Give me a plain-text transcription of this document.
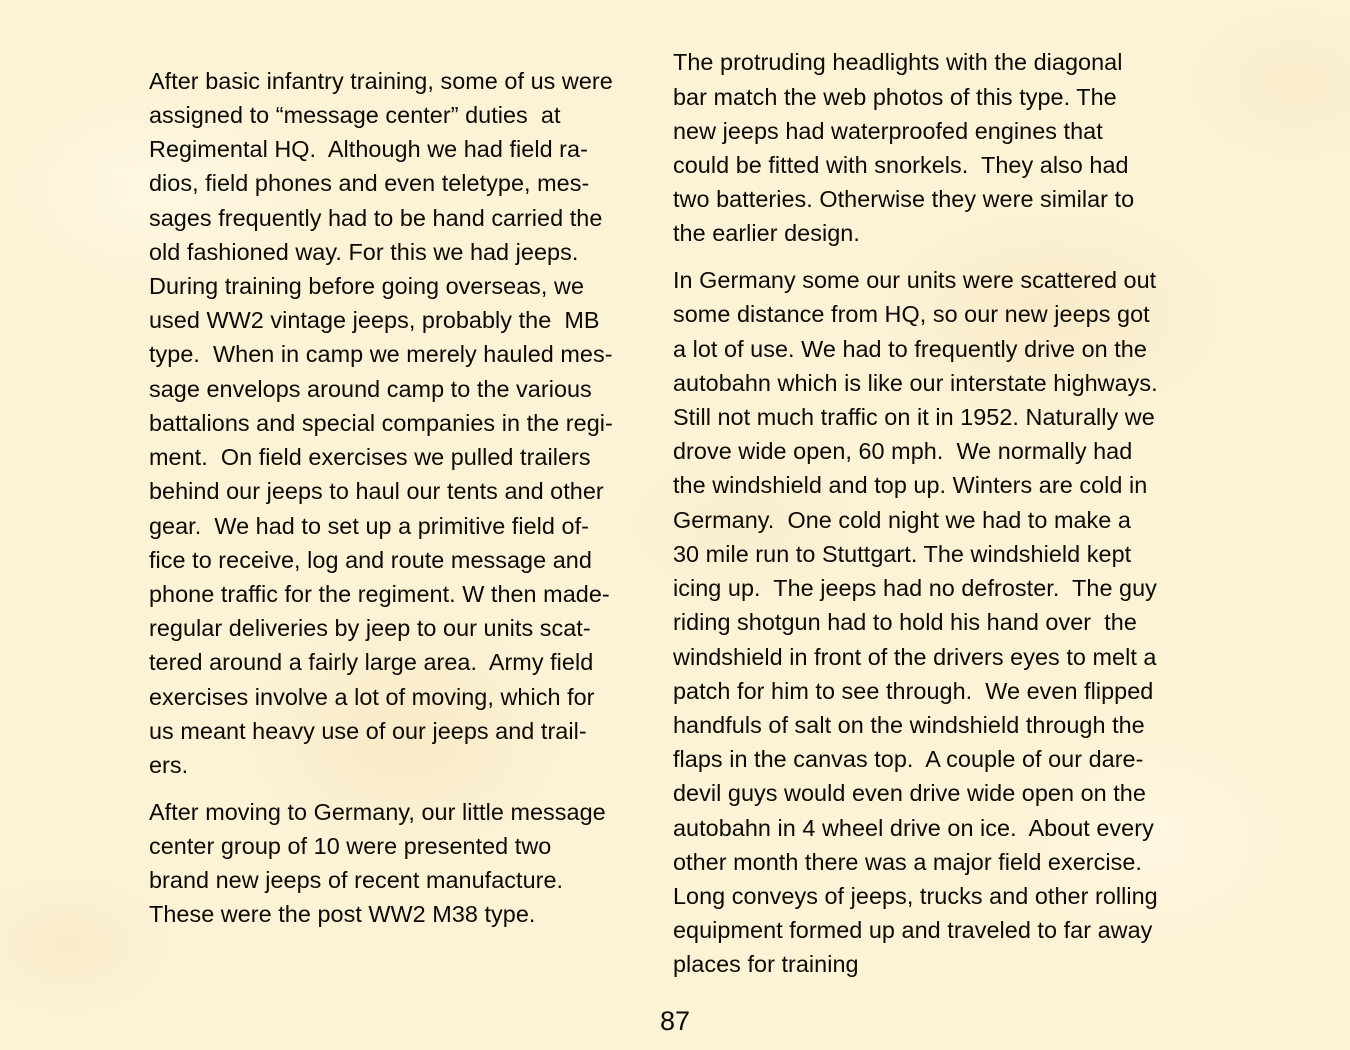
After basic infantry training, some of us were
assigned to “message center” duties  at
Regimental HQ.  Although we had field ra-
dios, field phones and even teletype, mes-
sages frequently had to be hand carried the
old fashioned way. For this we had jeeps.
During training before going overseas, we
used WW2 vintage jeeps, probably the  MB
type.  When in camp we merely hauled mes-
sage envelops around camp to the various
battalions and special companies in the regi-
ment.  On field exercises we pulled trailers
behind our jeeps to haul our tents and other
gear.  We had to set up a primitive field of-
fice to receive, log and route message and
phone traffic for the regiment. W then made-
regular deliveries by jeep to our units scat-
tered around a fairly large area.  Army field
exercises involve a lot of moving, which for
us meant heavy use of our jeeps and trail-
ers.
After moving to Germany, our little message
center group of 10 were presented two
brand new jeeps of recent manufacture.
These were the post WW2 M38 type.
The protruding headlights with the diagonal
bar match the web photos of this type. The
new jeeps had waterproofed engines that
could be fitted with snorkels.  They also had
two batteries. Otherwise they were similar to
the earlier design.
In Germany some our units were scattered out
some distance from HQ, so our new jeeps got
a lot of use. We had to frequently drive on the
autobahn which is like our interstate highways.
Still not much traffic on it in 1952. Naturally we
drove wide open, 60 mph.  We normally had
the windshield and top up. Winters are cold in
Germany.  One cold night we had to make a
30 mile run to Stuttgart. The windshield kept
icing up.  The jeeps had no defroster.  The guy
riding shotgun had to hold his hand over  the
windshield in front of the drivers eyes to melt a
patch for him to see through.  We even flipped
handfuls of salt on the windshield through the
flaps in the canvas top.  A couple of our dare-
devil guys would even drive wide open on the
autobahn in 4 wheel drive on ice.  About every
other month there was a major field exercise.
Long conveys of jeeps, trucks and other rolling
equipment formed up and traveled to far away
places for training
87
